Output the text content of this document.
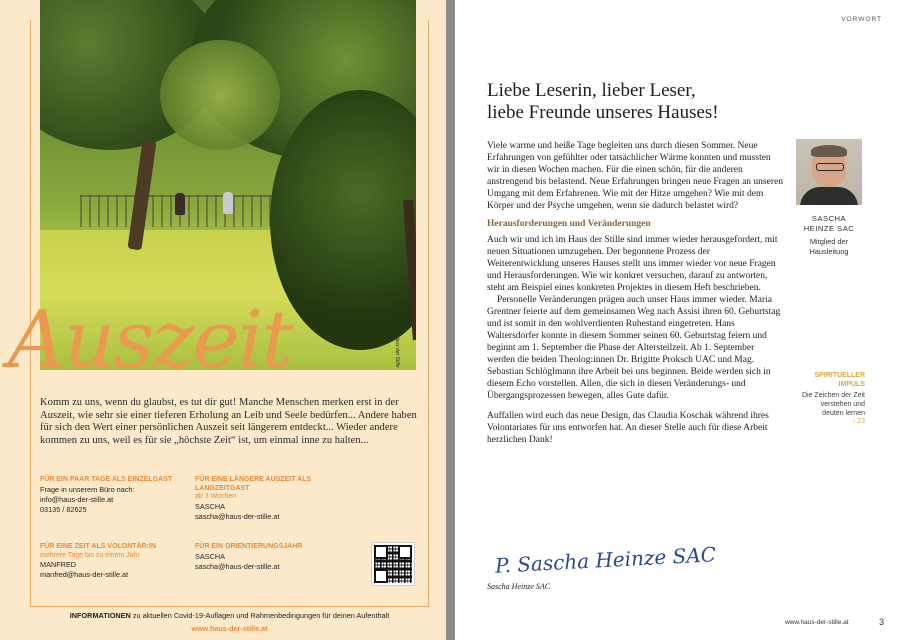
Haus der Stille
Auszeit
Komm zu uns, wenn du glaubst, es tut dir gut! Manche Menschen merken erst in der Auszeit, wie sehr sie einer tieferen Erholung an Leib und Seele bedürfen... Andere haben für sich den Wert einer persönlichen Auszeit seit längerem entdeckt... Wieder andere kommen zu uns, weil es für sie „höchste Zeit“ ist, um einmal inne zu halten...
FÜR EIN PAAR TAGE ALS EINZELGAST
Frage in unserem Büro nach:
info@haus-der-stille.at
03135 / 82625
FÜR EINE LÄNGERE AUSZEIT ALS LANGZEITGAST
ab 3 Wochen
SASCHA
sascha@haus-der-stille.at
FÜR EINE ZEIT ALS VOLONTÄR:IN
mehrere Tage bis zu einem Jahr
MANFRED
manfred@haus-der-stille.at
FÜR EIN ORIENTIERUNGSJAHR
SASCHA
sascha@haus-der-stille.at
INFORMATIONEN zu aktuellen Covid-19-Auflagen und Rahmenbedingungen für deinen Aufenthalt
www.haus-der-stille.at
VORWORT
Liebe Leserin, lieber Leser,
liebe Freunde unseres Hauses!

Viele warme und heiße Tage begleiten uns durch diesen Sommer. Neue Erfahrungen von gefühlter oder tatsächlicher Wärme konnten und mussten wir in diesen Wochen machen. Für die einen schön, für die anderen anstrengend bis belastend. Neue Erfahrungen bringen neue Fragen an unseren Umgang mit dem Erfahrenen. Wie mit der Hitze umgehen? Wie mit dem Körper und der Psyche umgehen, wenn sie dadurch belastet wird?

Herausforderungen und Veränderungen

Auch wir und ich im Haus der Stille sind immer wieder herausgefordert, mit neuen Situationen umzugehen. Der begonnene Prozess der Weiterentwicklung unseres Hauses stellt uns immer wieder vor neue Fragen und Herausforderungen. Wie wir konkret versuchen, darauf zu antworten, steht am Beispiel eines konkreten Projektes in diesem Heft beschrieben.

Personelle Veränderungen prägen auch unser Haus immer wieder. Maria Grentner feierte auf dem gemeinsamen Weg nach Assisi ihren 60. Geburtstag und ist somit in den wohlverdienten Ruhestand eingetreten. Hans Waltersdorfer konnte in diesem Sommer seinen 60. Geburtstag feiern und beginnt am 1. September die Phase der Altersteilzeit. Ab 1. September werden die beiden Theolog:innen Dr. Brigitte Proksch UAC und Mag. Sebastian Schlöglmann ihre Arbeit bei uns beginnen. Beide werden sich in diesem Echo vorstellen. Allen, die sich in diesen Veränderungs- und Übergangsprozessen bewegen, alles Gute dafür.

Auffallen wird euch das neue Design, das Claudia Koschak während ihres Volontariates für uns entworfen hat. An dieser Stelle auch für diese Arbeit herzlichen Dank!

SASCHA
HEINZE SAC
Mitglied der
Hausleitung
SPIRITUELLER
IMPULS
Die Zeichen der Zeit verstehen und deuten lernen
› 23
P. Sascha Heinze SAC
Sascha Heinze SAC
www.haus-der-stille.at	3
